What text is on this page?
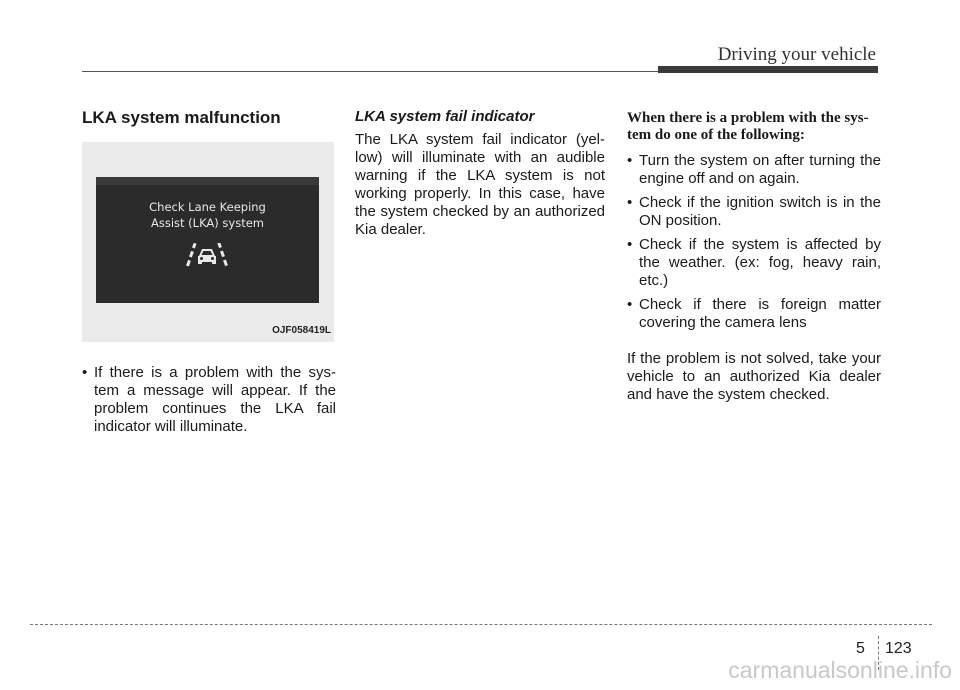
Driving your vehicle
LKA system malfunction
Check Lane Keeping
Assist (LKA) system
OJF058419L
• If there is a problem with the sys-tem a message will appear. If the problem continues the LKA fail indicator will illuminate.
LKA system fail indicator

The LKA system fail indicator (yel-low) will illuminate with an audible warning if the LKA system is not working properly. In this case, have the system checked by an authorized Kia dealer.

When there is a problem with the sys-tem do one of the following:

• Turn the system on after turning the engine off and on again.
• Check if the ignition switch is in the ON position.
• Check if the system is affected by the weather. (ex: fog, heavy rain, etc.)
• Check if there is foreign matter covering the camera lens

If the problem is not solved, take your vehicle to an authorized Kia dealer and have the system checked.

5 123
carmanualsonline.info
